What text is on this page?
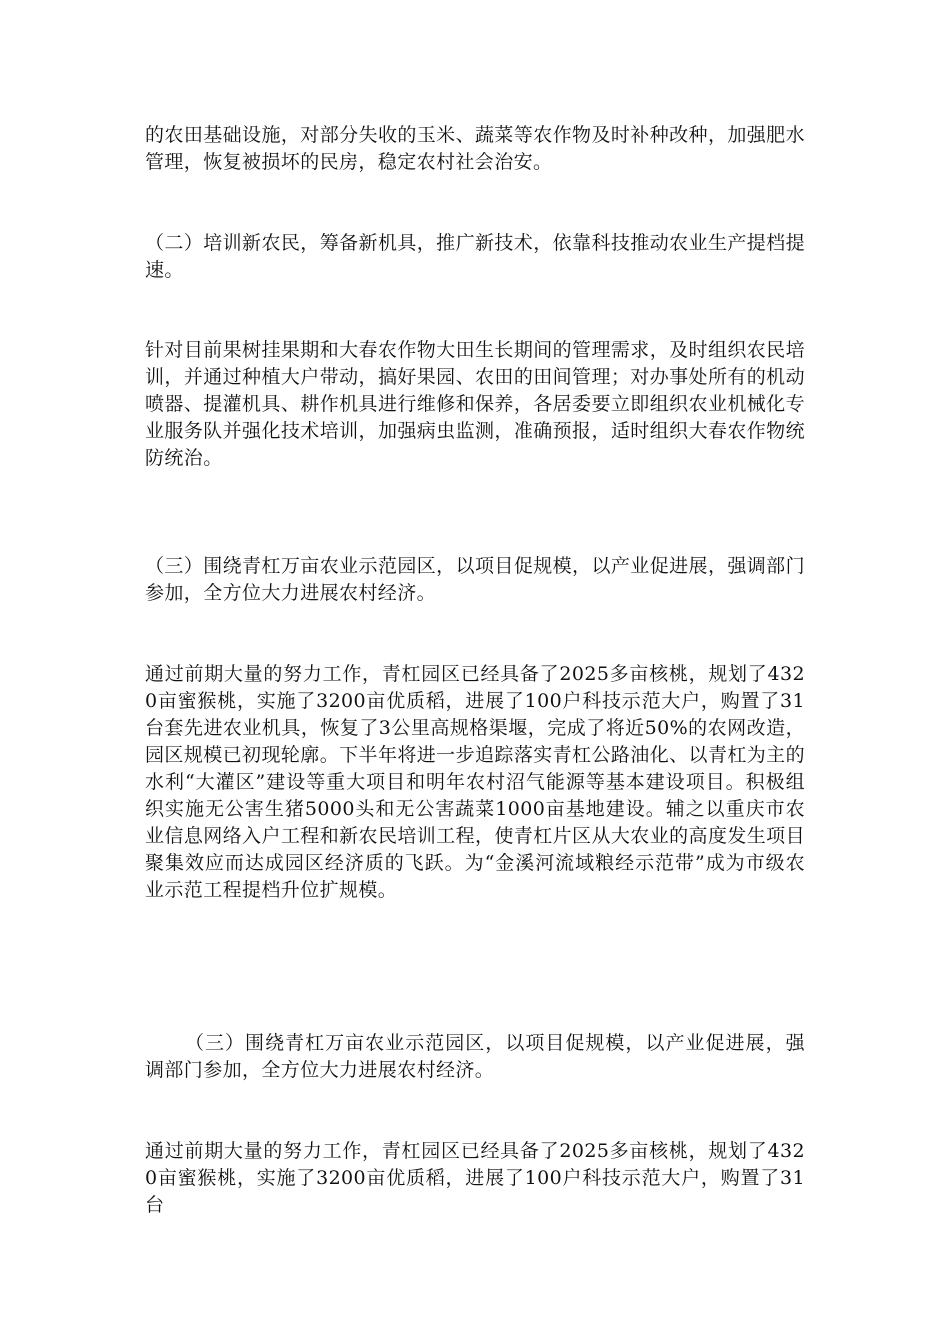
的农田基础设施，对部分失收的玉米、蔬菜等农作物及时补种改种，加强肥水管理，恢复被损坏的民房，稳定农村社会治安。

（二）培训新农民，筹备新机具，推广新技术，依靠科技推动农业生产提档提速。

针对目前果树挂果期和大春农作物大田生长期间的管理需求，及时组织农民培训，并通过种植大户带动，搞好果园、农田的田间管理；对办事处所有的机动喷器、提灌机具、耕作机具进行维修和保养，各居委要立即组织农业机械化专业服务队并强化技术培训，加强病虫监测，准确预报，适时组织大春农作物统防统治。

（三）围绕青杠万亩农业示范园区，以项目促规模，以产业促进展，强调部门参加，全方位大力进展农村经济。

通过前期大量的努力工作，青杠园区已经具备了2025多亩核桃，规划了4320亩蜜猴桃，实施了3200亩优质稻，进展了100户科技示范大户，购置了31台套先进农业机具，恢复了3公里高规格渠堰，完成了将近50%的农网改造，园区规模已初现轮廓。下半年将进一步追踪落实青杠公路油化、以青杠为主的水利“大灌区”建设等重大项目和明年农村沼气能源等基本建设项目。积极组织实施无公害生猪5000头和无公害蔬菜1000亩基地建设。辅之以重庆市农业信息网络入户工程和新农民培训工程，使青杠片区从大农业的高度发生项目聚集效应而达成园区经济质的飞跃。为“金溪河流域粮经示范带”成为市级农业示范工程提档升位扩规模。

（三）围绕青杠万亩农业示范园区，以项目促规模，以产业促进展，强调部门参加，全方位大力进展农村经济。

通过前期大量的努力工作，青杠园区已经具备了2025多亩核桃，规划了4320亩蜜猴桃，实施了3200亩优质稻，进展了100户科技示范大户，购置了31台
